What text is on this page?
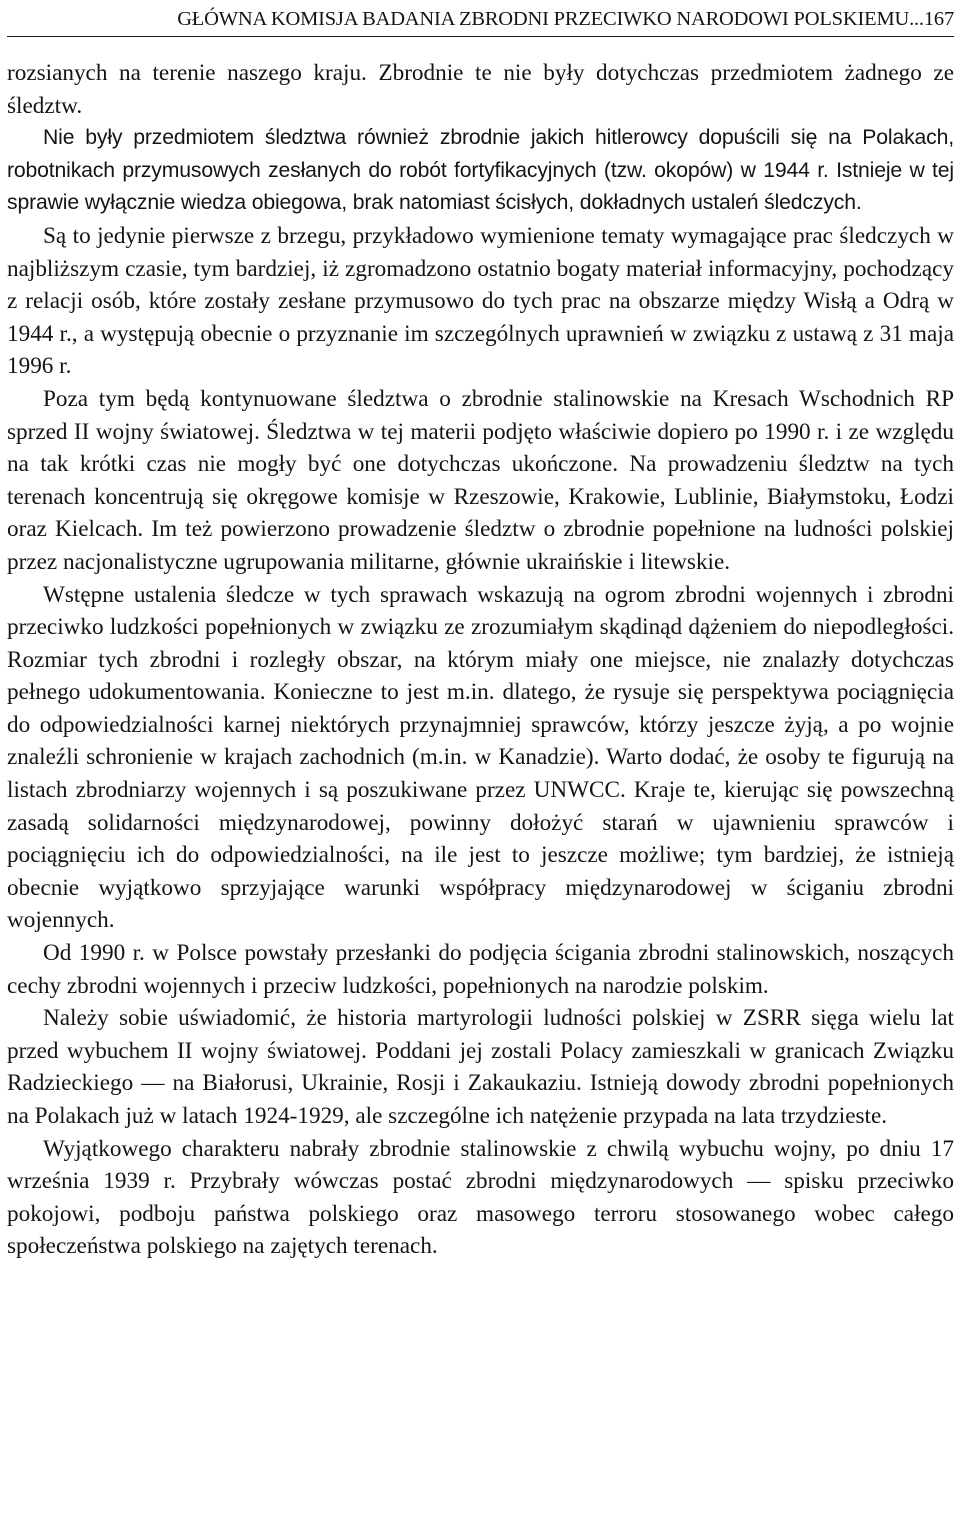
GŁÓWNA KOMISJA BADANIA ZBRODNI PRZECIWKO NARODOWI POLSKIEMU...167

rozsianych na terenie naszego kraju. Zbrodnie te nie były dotychczas przedmiotem żadnego ze śledztw.

Nie były przedmiotem śledztwa również zbrodnie jakich hitlerowcy dopuścili się na Polakach, robotnikach przymusowych zesłanych do robót fortyfikacyjnych (tzw. okopów) w 1944 r. Istnieje w tej sprawie wyłącznie wiedza obiegowa, brak natomiast ścisłych, dokładnych ustaleń śledczych.

Są to jedynie pierwsze z brzegu, przykładowo wymienione tematy wymagające prac śledczych w najbliższym czasie, tym bardziej, iż zgromadzono ostatnio bogaty materiał informacyjny, pochodzący z relacji osób, które zostały zesłane przymusowo do tych prac na obszarze między Wisłą a Odrą w 1944 r., a występują obecnie o przyznanie im szczególnych uprawnień w związku z ustawą z 31 maja 1996 r.

Poza tym będą kontynuowane śledztwa o zbrodnie stalinowskie na Kresach Wschodnich RP sprzed II wojny światowej. Śledztwa w tej materii podjęto właściwie dopiero po 1990 r. i ze względu na tak krótki czas nie mogły być one dotychczas ukończone. Na prowadzeniu śledztw na tych terenach koncentrują się okręgowe komisje w Rzeszowie, Krakowie, Lublinie, Białymstoku, Łodzi oraz Kielcach. Im też powierzono prowadzenie śledztw o zbrodnie popełnione na ludności polskiej przez nacjonalistyczne ugrupowania militarne, głównie ukraińskie i litewskie.

Wstępne ustalenia śledcze w tych sprawach wskazują na ogrom zbrodni wojennych i zbrodni przeciwko ludzkości popełnionych w związku ze zrozumiałym skądinąd dążeniem do niepodległości. Rozmiar tych zbrodni i rozległy obszar, na którym miały one miejsce, nie znalazły dotychczas pełnego udokumentowania. Konieczne to jest m.in. dlatego, że rysuje się perspektywa pociągnięcia do odpowiedzialności karnej niektórych przynajmniej sprawców, którzy jeszcze żyją, a po wojnie znaleźli schronienie w krajach zachodnich (m.in. w Kanadzie). Warto dodać, że osoby te figurują na listach zbrodniarzy wojennych i są poszukiwane przez UNWCC. Kraje te, kierując się powszechną zasadą solidarności międzynarodowej, powinny dołożyć starań w ujawnieniu sprawców i pociągnięciu ich do odpowiedzialności, na ile jest to jeszcze możliwe; tym bardziej, że istnieją obecnie wyjątkowo sprzyjające warunki współpracy międzynarodowej w ściganiu zbrodni wojennych.

Od 1990 r. w Polsce powstały przesłanki do podjęcia ścigania zbrodni stalinowskich, noszących cechy zbrodni wojennych i przeciw ludzkości, popełnionych na narodzie polskim.

Należy sobie uświadomić, że historia martyrologii ludności polskiej w ZSRR sięga wielu lat przed wybuchem II wojny światowej. Poddani jej zostali Polacy zamieszkali w granicach Związku Radzieckiego — na Białorusi, Ukrainie, Rosji i Zakaukaziu. Istnieją dowody zbrodni popełnionych na Polakach już w latach 1924-1929, ale szczególne ich natężenie przypada na lata trzydzieste.

Wyjątkowego charakteru nabrały zbrodnie stalinowskie z chwilą wybuchu wojny, po dniu 17 września 1939 r. Przybrały wówczas postać zbrodni międzynarodowych — spisku przeciwko pokojowi, podboju państwa polskiego oraz masowego terroru stosowanego wobec całego społeczeństwa polskiego na zajętych terenach.
